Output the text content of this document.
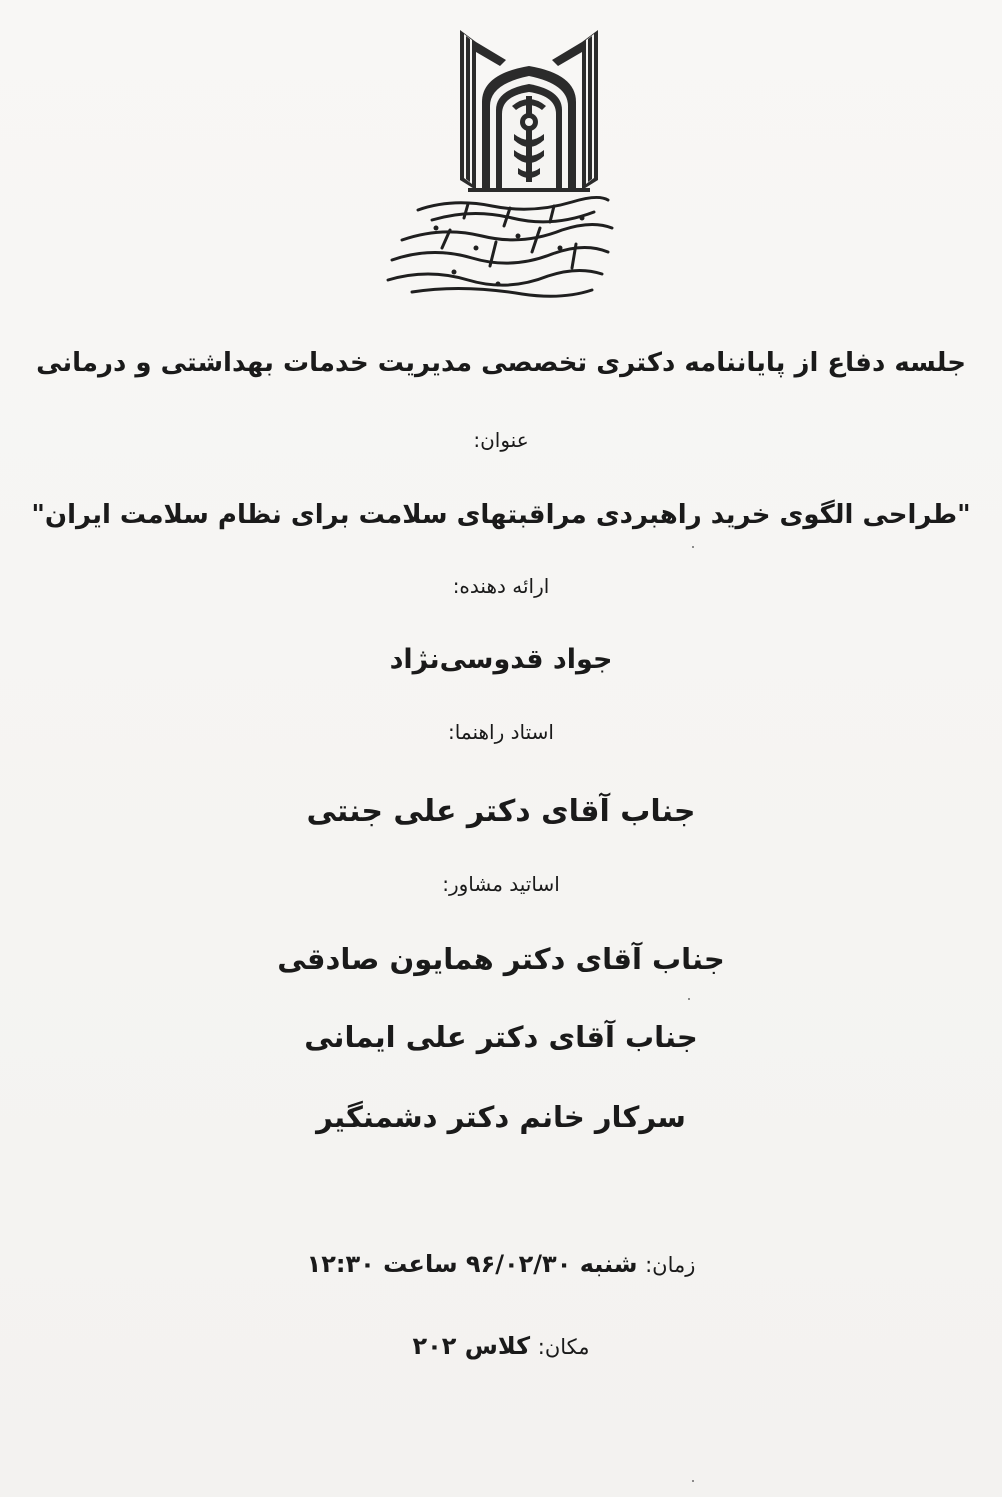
دانشگاه علوم پزشکی تبریز
جلسه دفاع از پایاننامه دکتری تخصصی مدیریت خدمات بهداشتی و درمانی
عنوان:
"طراحی الگوی خرید راهبردی مراقبتهای سلامت برای نظام سلامت ایران"
ارائه دهنده:
جواد قدوسی‌نژاد
استاد راهنما:
جناب آقای دکتر علی جنتی
اساتید مشاور:
جناب آقای دکتر همایون صادقی
جناب آقای دکتر علی ایمانی
سرکار خانم دکتر دشمنگیر
زمان: شنبه ۹۶/۰۲/۳۰ ساعت ۱۲:۳۰
مکان: کلاس ۲۰۲
